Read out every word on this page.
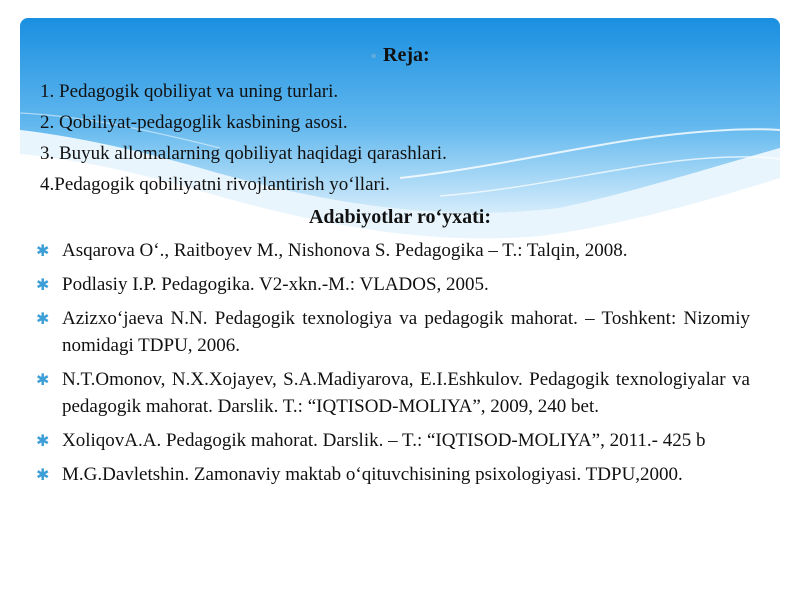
● Reja:
1. Pedagogik qobiliyat va uning turlari.
2. Qobiliyat-pedagoglik kasbining asosi.
3. Buyuk allomalarning qobiliyat haqidagi qarashlari.
4.Pedagogik qobiliyatni rivojlantirish yo‘llari.
Adabiyotlar ro‘yxati:
✱ Asqarova O‘., Raitboyev M., Nishonova S. Pedagogika – T.: Talqin, 2008.
✱ Podlasiy I.P. Pedagogika. V2-xkn.-M.: VLADOS, 2005.
✱ Azizxo‘jaeva N.N. Pedagogik texnologiya va pedagogik mahorat. – Toshkent: Nizomiy nomidagi TDPU, 2006.
✱ N.T.Omonov, N.X.Xojayev, S.A.Madiyarova, E.I.Eshkulov. Pedagogik texnologiyalar va pedagogik mahorat. Darslik. T.: “IQTISOD-MOLIYA”, 2009, 240 bet.
✱ XoliqovA.A. Pedagogik mahorat. Darslik. – T.: “IQTISOD-MOLIYA”, 2011.- 425 b
✱ M.G.Davletshin. Zamonaviy maktab o‘qituvchisining psixologiyasi. TDPU,2000.
